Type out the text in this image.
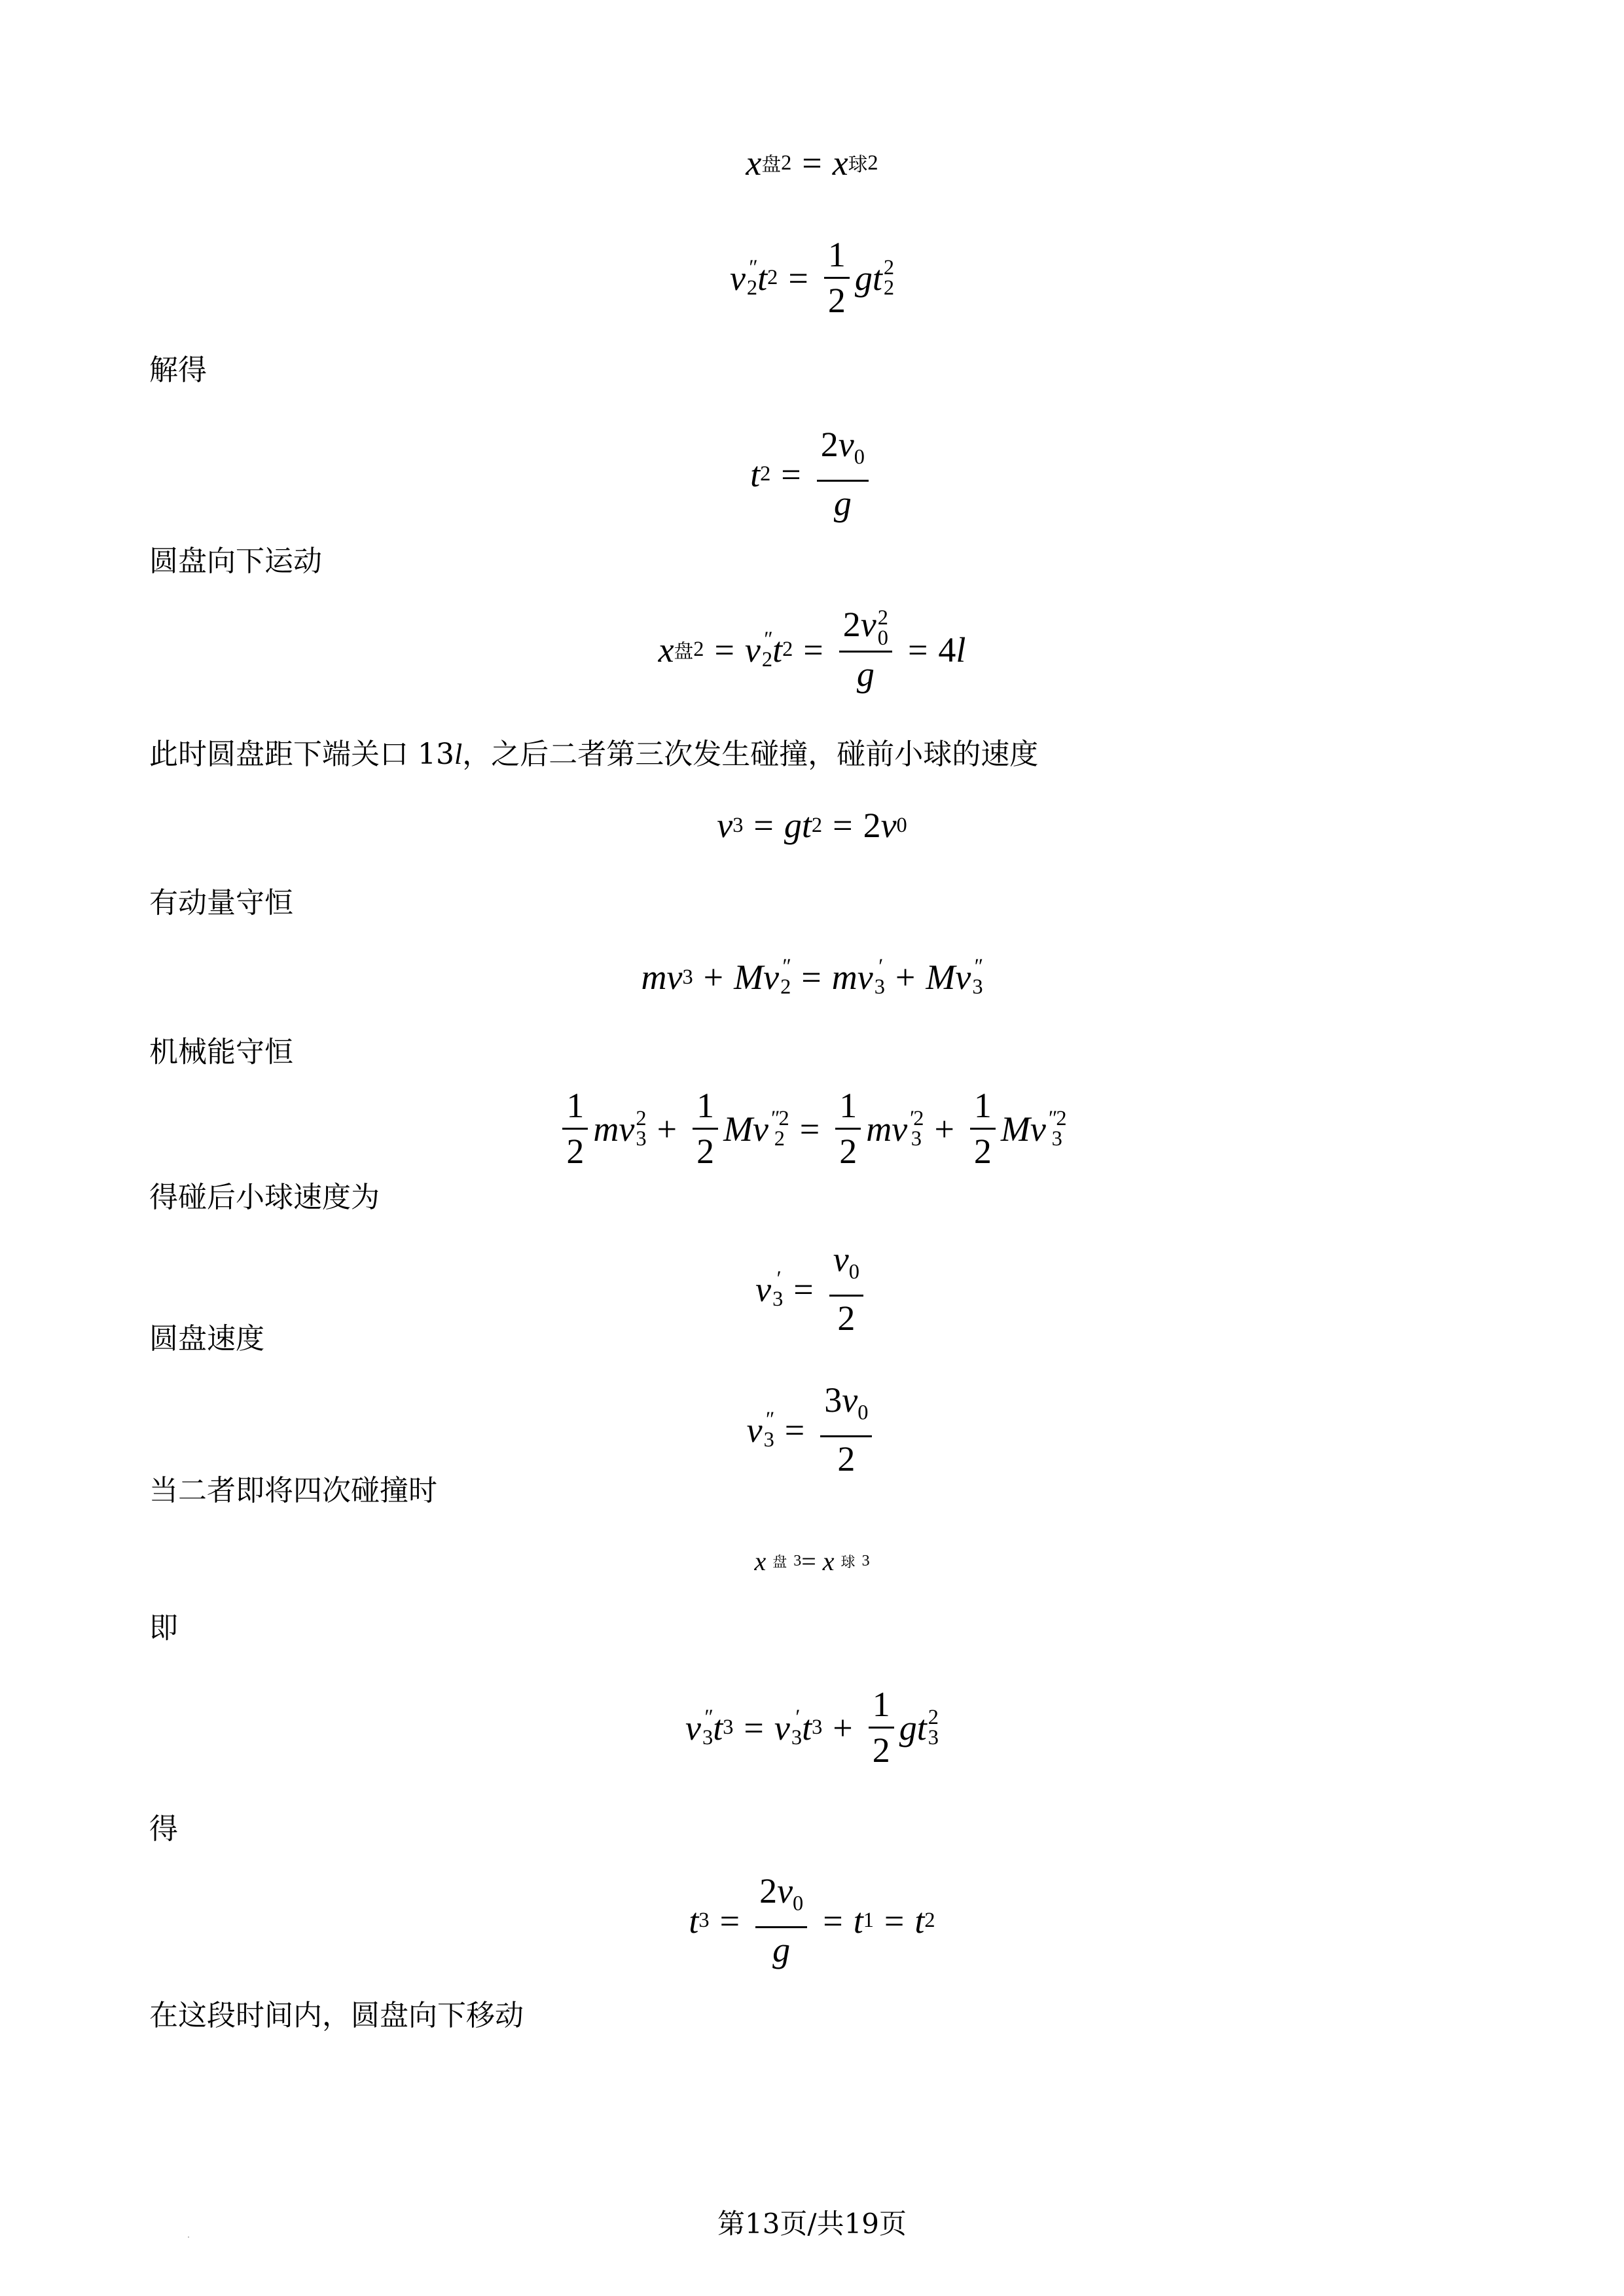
x 盘 2 = x 球 2
v ″
2 t $2 = \frac{1}{2}$ g t 2
2
解得
t $2 = \frac{2v_0}{g}$
圆盘向下运动
x 盘 2 = v ″
2 t 2 = 2v 2
0
g = 4 l
此时圆盘距下端关口 13l，之后二者第三次发生碰撞，碰前小球的速度
v 3 = g t 2 = 2 v 0
有动量守恒
m v 3 + M v ″
2 = m v ′
3 + M v ″
3
机械能守恒
$\frac{1}{2}$ m v 2
$3 + \frac{1}{2}$ M v ″2
$2 = \frac{1}{2}$ m v ′2
$3 + \frac{1}{2}$ M v ″2
3
得碰后小球速度为
v ′
$3 = \frac{v_0}{2}$
圆盘速度
v ″
$3 = \frac{3v_0}{2}$
当二者即将四次碰撞时
x
盘
3 =
x
球
3
即
v ″
3 t 3 = v ′
3 t $3 + \frac{1}{2}$ g t 2
3
得
t $3 = \frac{2v_0}{g} = t$ 1 = t 2
在这段时间内，圆盘向下移动
第13页/共19页
